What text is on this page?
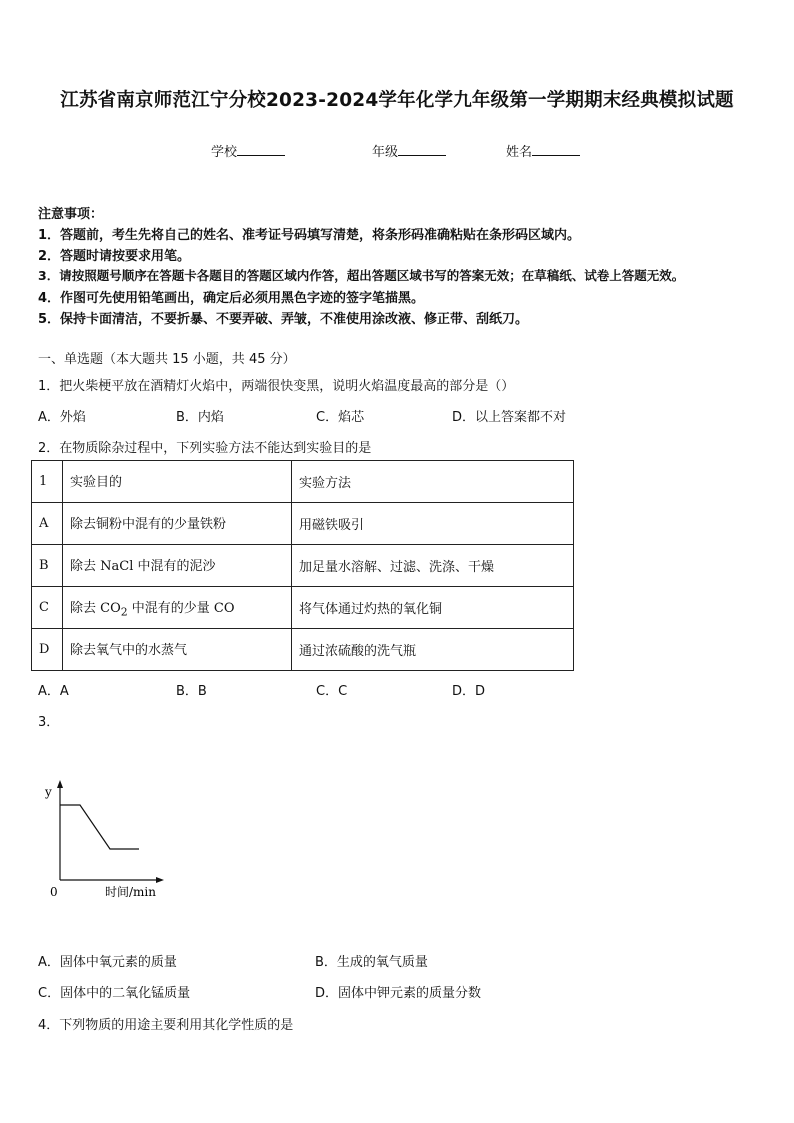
江苏省南京师范江宁分校2023-2024学年化学九年级第一学期期末经典模拟试题
学校	年级	姓名
注意事项：
1．答题前，考生先将自己的姓名、准考证号码填写清楚，将条形码准确粘贴在条形码区域内。
2．答题时请按要求用笔。
3．请按照题号顺序在答题卡各题目的答题区域内作答，超出答题区域书写的答案无效；在草稿纸、试卷上答题无效。
4．作图可先使用铅笔画出，确定后必须用黑色字迹的签字笔描黑。
5．保持卡面清洁，不要折暴、不要弄破、弄皱，不准使用涂改液、修正带、刮纸刀。
一、单选题（本大题共 15 小题，共 45 分）
1．把火柴梗平放在酒精灯火焰中，两端很快变黑，说明火焰温度最高的部分是（）
A．外焰	B．内焰	C．焰芯	D．以上答案都不对
2．在物质除杂过程中，下列实验方法不能达到实验目的是
1	实验目的	实验方法
A	除去铜粉中混有的少量铁粉	用磁铁吸引
B	除去 NaCl 中混有的泥沙	加足量水溶解、过滤、洗涤、干燥
C	除去 $CO_2$ 中混有的少量 CO	将气体通过灼热的氧化铜
D	除去氧气中的水蒸气	通过浓硫酸的洗气瓶
A．A	B．B	C．C	D．D
3．
y
0	时间/min
A．固体中氧元素的质量	B．生成的氧气质量
C．固体中的二氧化锰质量	D．固体中钾元素的质量分数
4．下列物质的用途主要利用其化学性质的是
